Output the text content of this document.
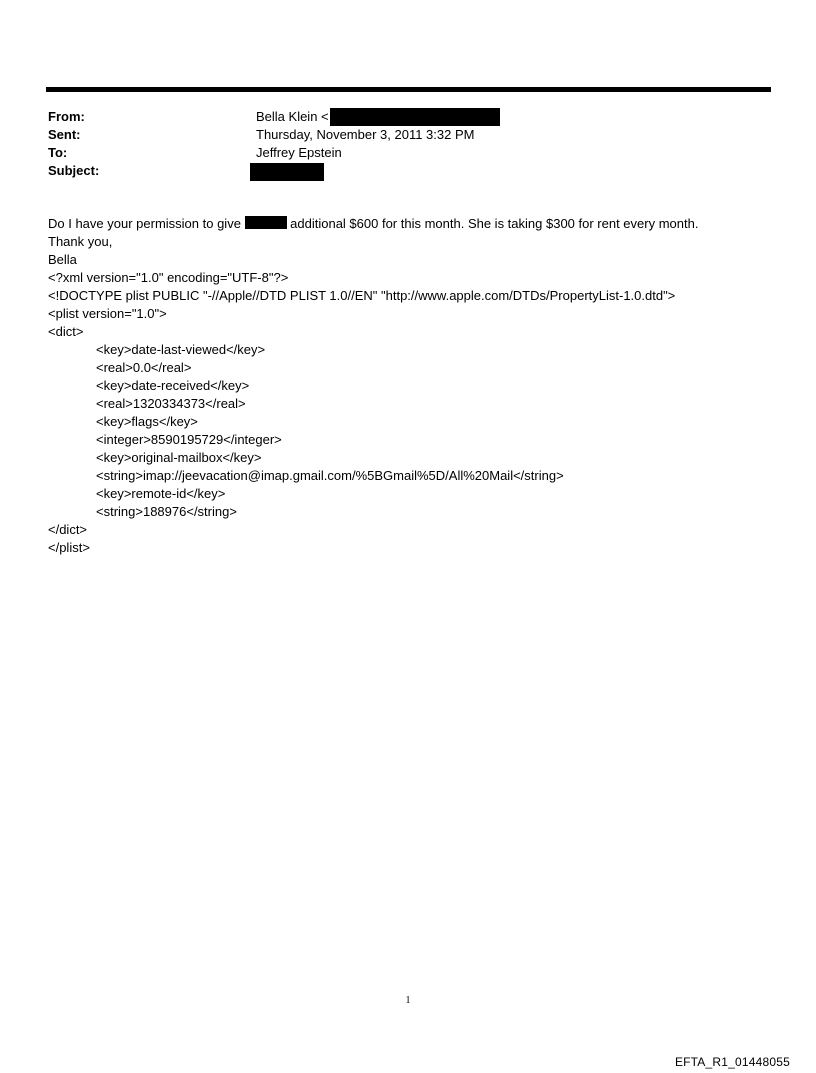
From:	Bella Klein <
Sent:	Thursday, November 3, 2011 3:32 PM
To:	Jeffrey Epstein
Subject:
Do I have your permission to give	additional $600 for this month. She is taking $300 for rent every month.
Thank you,
Bella
<?xml version="1.0" encoding="UTF-8"?>
<!DOCTYPE plist PUBLIC "-//Apple//DTD PLIST 1.0//EN" "http://www.apple.com/DTDs/PropertyList-1.0.dtd">
<plist version="1.0">
<dict>
<key>date-last-viewed</key>
<real>0.0</real>
<key>date-received</key>
<real>1320334373</real>
<key>flags</key>
<integer>8590195729</integer>
<key>original-mailbox</key>
<string>imap://jeevacation@imap.gmail.com/%5BGmail%5D/All%20Mail</string>
<key>remote-id</key>
<string>188976</string>
</dict>
</plist>
1
EFTA_R1_01448055
